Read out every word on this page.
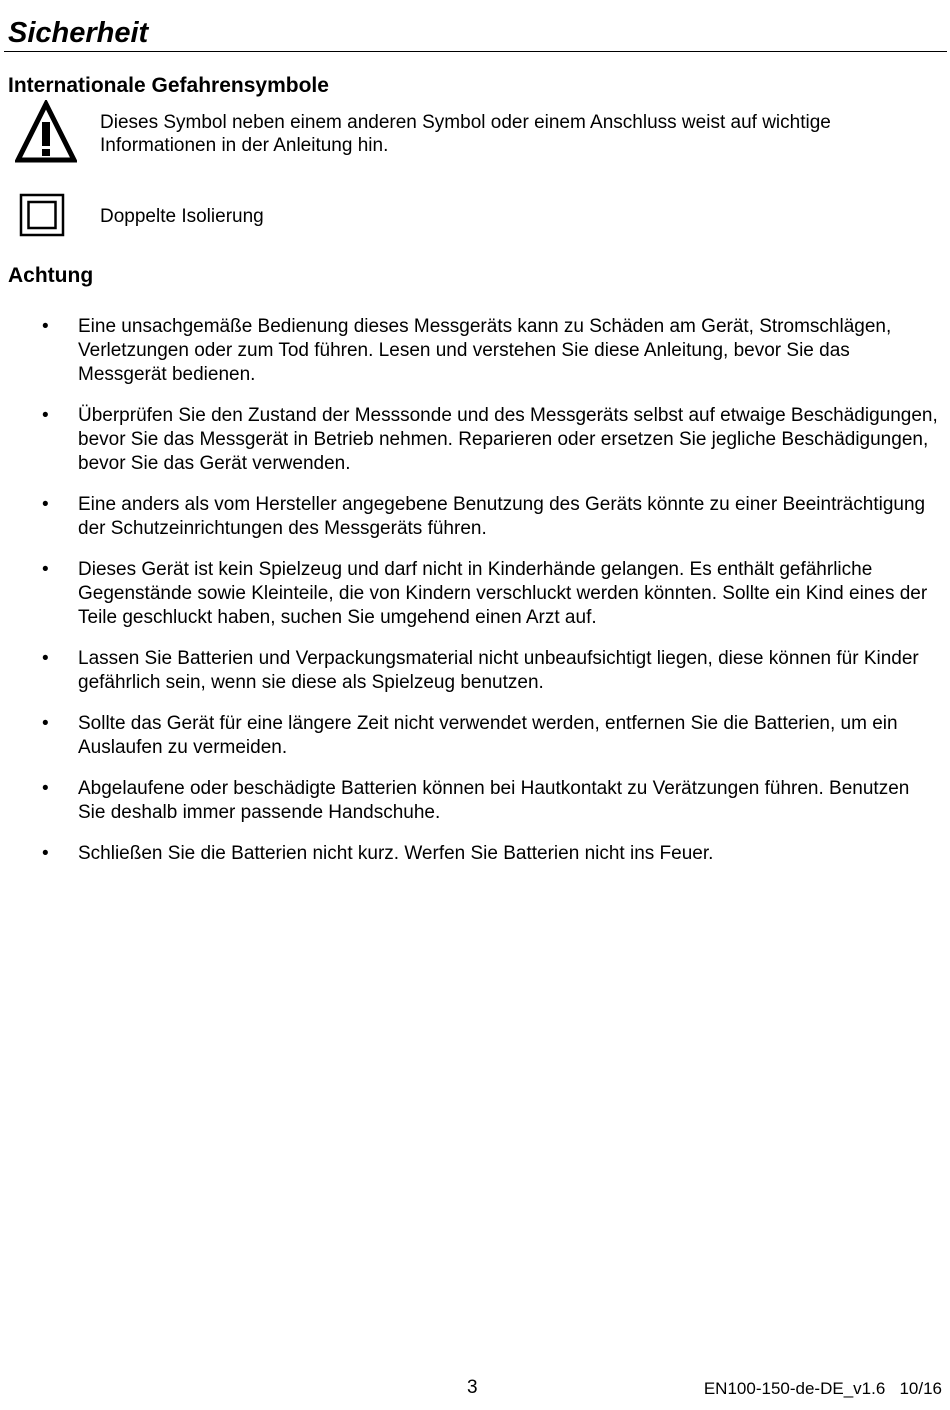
Sicherheit
Internationale Gefahrensymbole
Dieses Symbol neben einem anderen Symbol oder einem Anschluss weist auf wichtige Informationen in der Anleitung hin.
Doppelte Isolierung
Achtung
• Eine unsachgemäße Bedienung dieses Messgeräts kann zu Schäden am Gerät, Stromschlägen, Verletzungen oder zum Tod führen. Lesen und verstehen Sie diese Anleitung, bevor Sie das Messgerät bedienen.
• Überprüfen Sie den Zustand der Messsonde und des Messgeräts selbst auf etwaige Beschädigungen, bevor Sie das Messgerät in Betrieb nehmen. Reparieren oder ersetzen Sie jegliche Beschädigungen, bevor Sie das Gerät verwenden.
• Eine anders als vom Hersteller angegebene Benutzung des Geräts könnte zu einer Beeinträchtigung der Schutzeinrichtungen des Messgeräts führen.
• Dieses Gerät ist kein Spielzeug und darf nicht in Kinderhände gelangen. Es enthält gefährliche Gegenstände sowie Kleinteile, die von Kindern verschluckt werden könnten. Sollte ein Kind eines der Teile geschluckt haben, suchen Sie umgehend einen Arzt auf.
• Lassen Sie Batterien und Verpackungsmaterial nicht unbeaufsichtigt liegen, diese können für Kinder gefährlich sein, wenn sie diese als Spielzeug benutzen.
• Sollte das Gerät für eine längere Zeit nicht verwendet werden, entfernen Sie die Batterien, um ein Auslaufen zu vermeiden.
• Abgelaufene oder beschädigte Batterien können bei Hautkontakt zu Verätzungen führen. Benutzen Sie deshalb immer passende Handschuhe.
• Schließen Sie die Batterien nicht kurz. Werfen Sie Batterien nicht ins Feuer.
3	EN100-150-de-DE_v1.6   10/16
